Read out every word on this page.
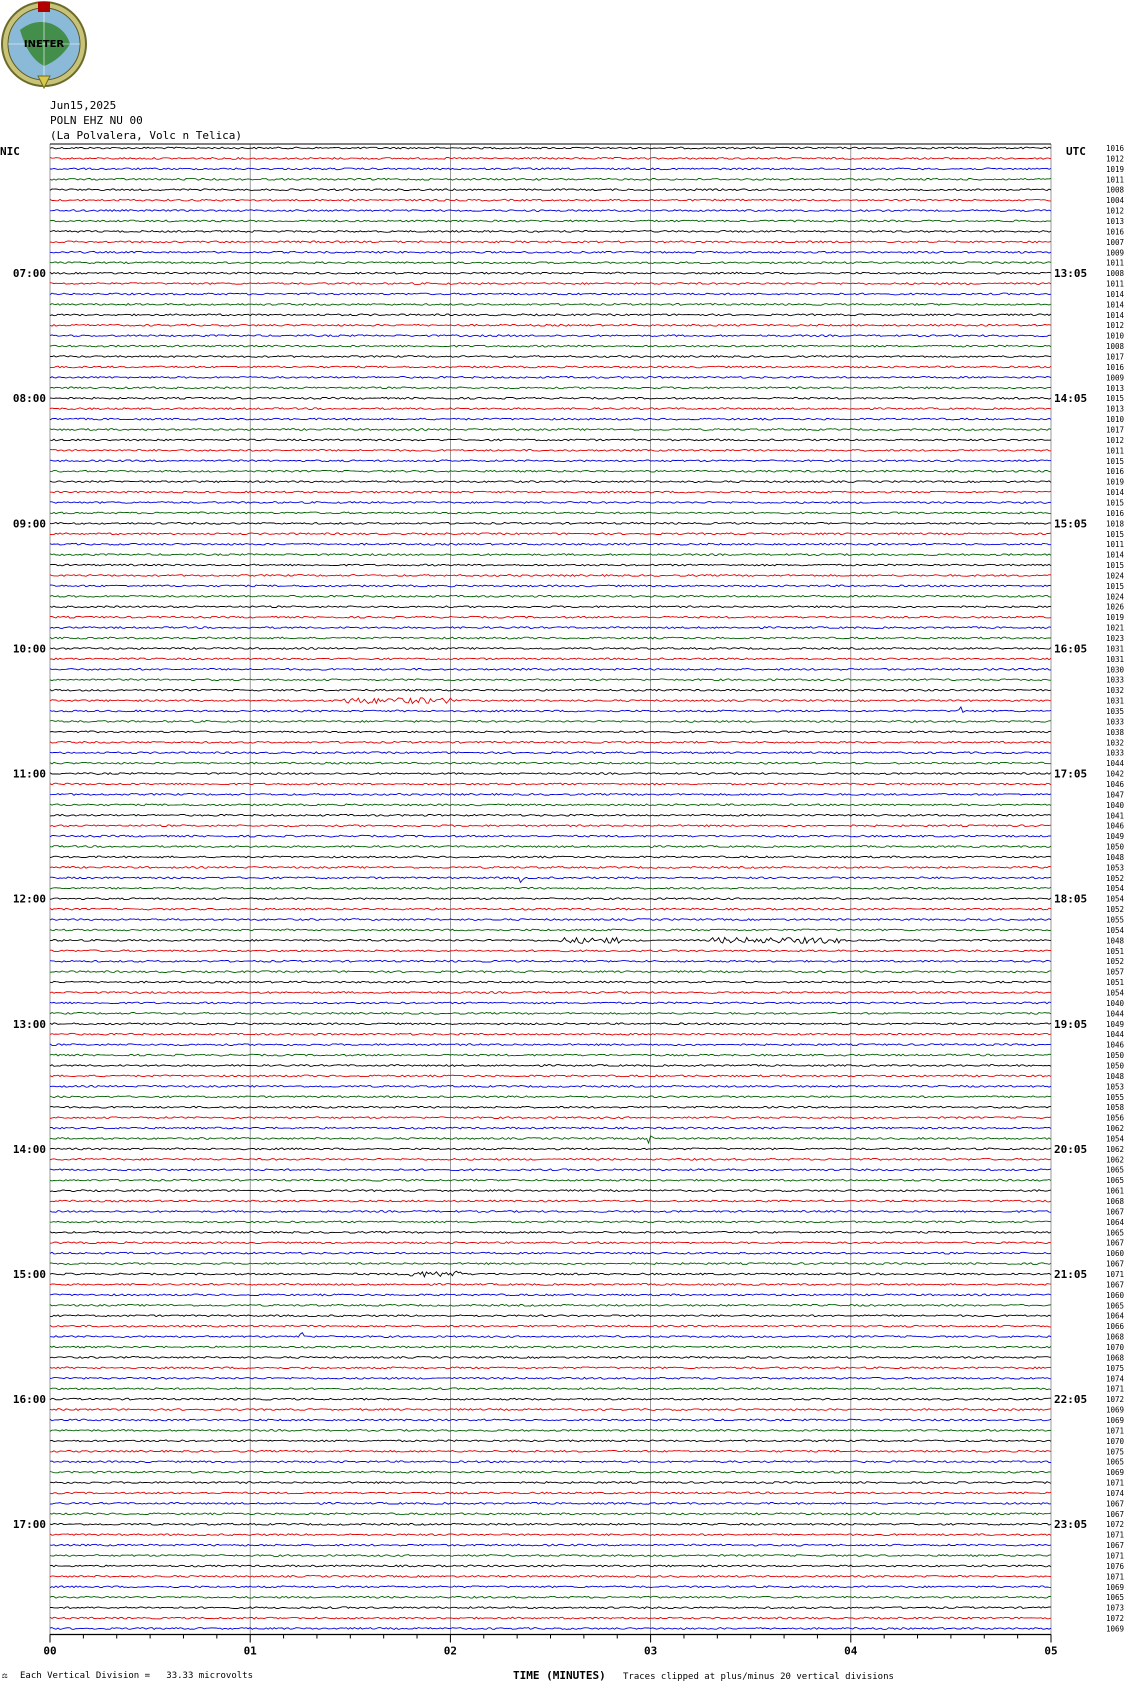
INETER
Jun15,2025
POLN EHZ NU 00
(La Polvalera, Volc n Telica)
NIC	UTC
07:00
08:00
09:00
10:00
11:00
12:00
13:00
14:00
15:00
16:00
17:00
13:05
14:05
15:05
16:05
17:05
18:05
19:05
20:05
21:05
22:05
23:05
1016
1012
1019
1011
1008
1004
1012
1013
1016
1007
1009
1011
1008
1011
1014
1014
1014
1012
1010
1008
1017
1016
1009
1013
1015
1013
1010
1017
1012
1011
1015
1016
1019
1014
1015
1016
1018
1015
1011
1014
1015
1024
1015
1024
1026
1019
1021
1023
1031
1031
1030
1033
1032
1031
1035
1033
1038
1032
1033
1044
1042
1046
1047
1040
1041
1046
1049
1050
1048
1053
1052
1054
1054
1052
1055
1054
1048
1051
1052
1057
1051
1054
1040
1044
1049
1044
1046
1050
1050
1048
1053
1055
1058
1056
1062
1054
1062
1062
1065
1065
1061
1068
1067
1064
1065
1067
1060
1067
1071
1067
1060
1065
1064
1066
1068
1070
1068
1075
1074
1071
1072
1069
1069
1071
1070
1075
1065
1069
1071
1074
1067
1067
1072
1071
1067
1071
1076
1071
1069
1065
1073
1072
1069
00	01	02	03	04	05
TIME (MINUTES)
⚖ Each Vertical Division =   33.33 microvolts	Traces clipped at plus/minus 20 vertical divisions
